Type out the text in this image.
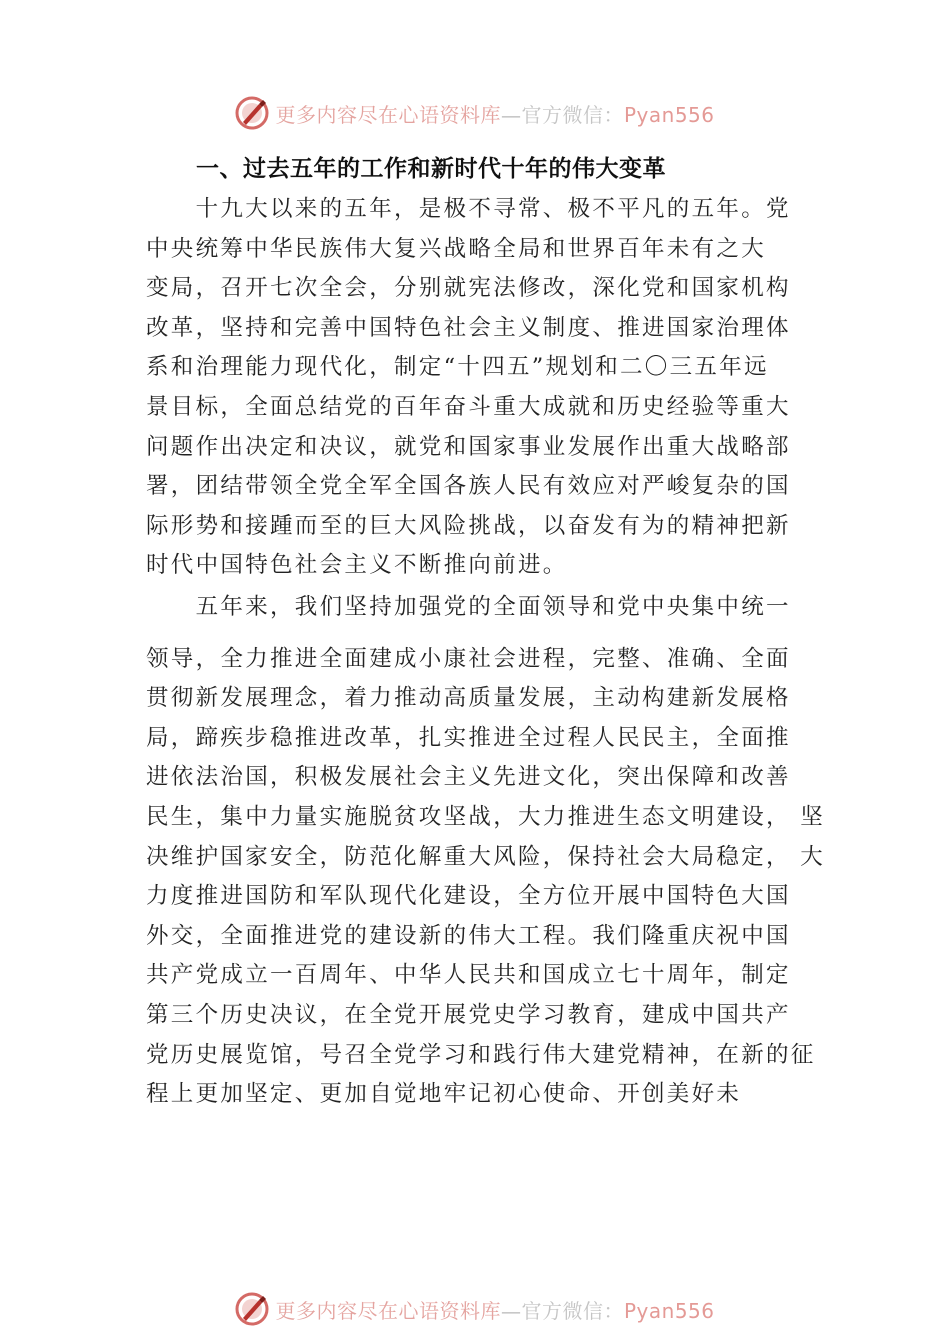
更多内容尽在心语资料库—官方微信：Pyan556
一、过去五年的工作和新时代十年的伟大变革
　　十九大以来的五年，是极不寻常、极不平凡的五年。党
中央统筹中华民族伟大复兴战略全局和世界百年未有之大
变局，召开七次全会，分别就宪法修改，深化党和国家机构
改革，坚持和完善中国特色社会主义制度、推进国家治理体
系和治理能力现代化，制定“十四五”规划和二〇三五年远
景目标，全面总结党的百年奋斗重大成就和历史经验等重大
问题作出决定和决议，就党和国家事业发展作出重大战略部
署，团结带领全党全军全国各族人民有效应对严峻复杂的国
际形势和接踵而至的巨大风险挑战，以奋发有为的精神把新
时代中国特色社会主义不断推向前进。
　　五年来，我们坚持加强党的全面领导和党中央集中统一
领导，全力推进全面建成小康社会进程，完整、准确、全面
贯彻新发展理念，着力推动高质量发展，主动构建新发展格
局，蹄疾步稳推进改革，扎实推进全过程人民民主，全面推
进依法治国，积极发展社会主义先进文化，突出保障和改善
民生，集中力量实施脱贫攻坚战，大力推进生态文明建设， 坚
决维护国家安全，防范化解重大风险，保持社会大局稳定， 大
力度推进国防和军队现代化建设，全方位开展中国特色大国
外交，全面推进党的建设新的伟大工程。我们隆重庆祝中国
共产党成立一百周年、中华人民共和国成立七十周年，制定
第三个历史决议，在全党开展党史学习教育，建成中国共产
党历史展览馆，号召全党学习和践行伟大建党精神，在新的征
程上更加坚定、更加自觉地牢记初心使命、开创美好未
更多内容尽在心语资料库—官方微信：Pyan556
